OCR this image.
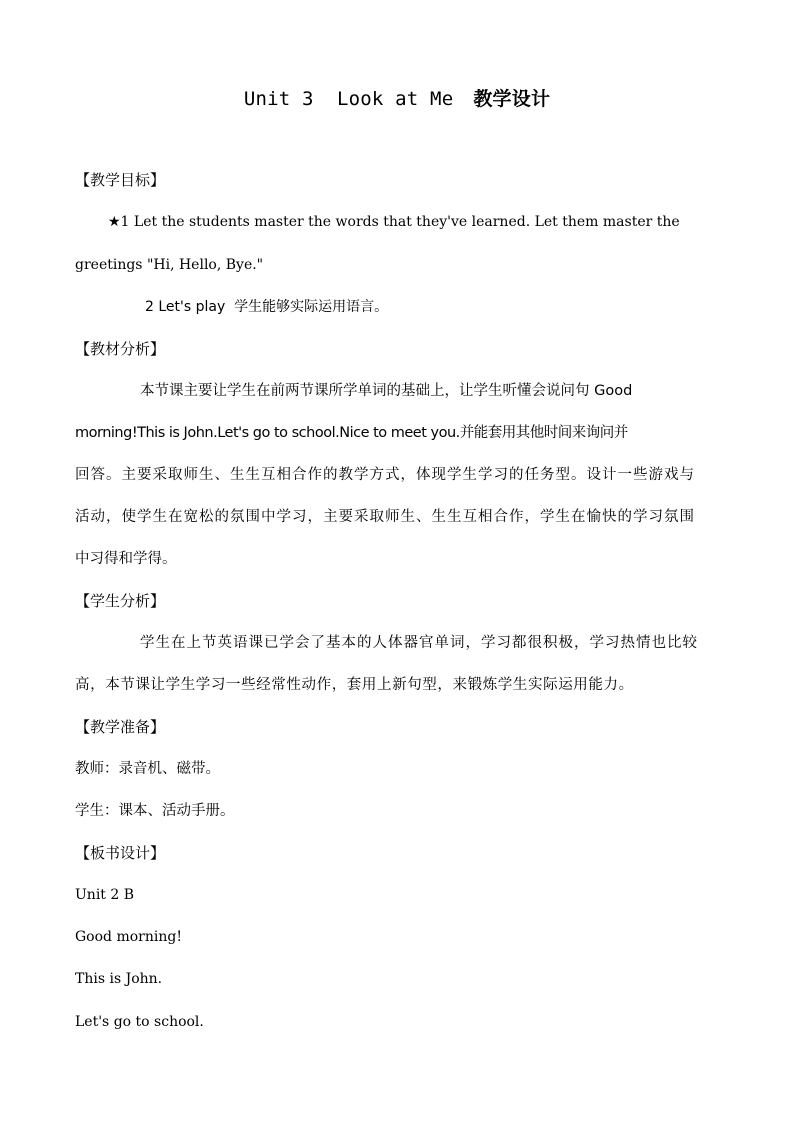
Unit 3  Look at Me 教学设计
【教学目标】
★1 Let the students master the words that they've learned. Let them master the
greetings "Hi, Hello, Bye."
2 Let's play  学生能够实际运用语言。
【教材分析】
本节课主要让学生在前两节课所学单词的基础上，让学生听懂会说问句 Good
morning!This is John.Let's go to school.Nice to meet you.并能套用其他时间来询问并
回答。主要采取师生、生生互相合作的教学方式，体现学生学习的任务型。设计一些游戏与
活动，使学生在宽松的氛围中学习，主要采取师生、生生互相合作，学生在愉快的学习氛围
中习得和学得。
【学生分析】
学生在上节英语课已学会了基本的人体器官单词，学习都很积极，学习热情也比较
高，本节课让学生学习一些经常性动作，套用上新句型，来锻炼学生实际运用能力。
【教学准备】
教师：录音机、磁带。
学生：课本、活动手册。
【板书设计】
Unit 2 B
Good morning!
This is John.
Let's go to school.
